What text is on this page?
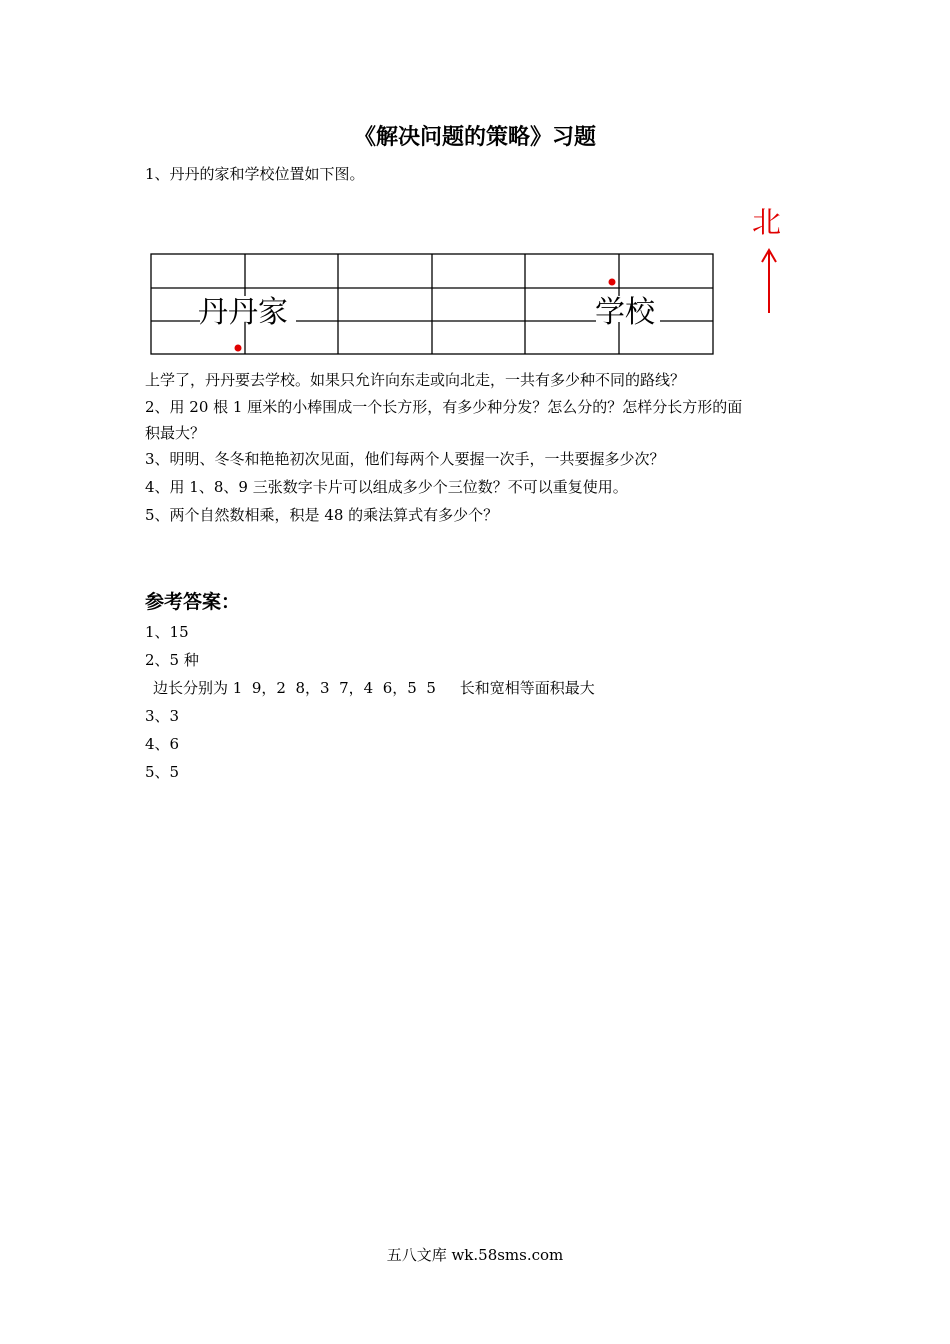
《解决问题的策略》习题
1、丹丹的家和学校位置如下图。
丹丹家	学校
北
上学了，丹丹要去学校。如果只允许向东走或向北走，一共有多少种不同的路线？
2、用 20 根 1 厘米的小棒围成一个长方形，有多少种分发？怎么分的？怎样分长方形的面
积最大？
3、明明、冬冬和艳艳初次见面，他们每两个人要握一次手，一共要握多少次？
4、用 1、8、9 三张数字卡片可以组成多少个三位数？不可以重复使用。
5、两个自然数相乘，积是 48 的乘法算式有多少个？
参考答案：
1、15
2、5 种
边长分别为 1  9，2  8，3  7，4  6，5  5     长和宽相等面积最大
3、3
4、6
5、5
五八文库 wk.58sms.com
